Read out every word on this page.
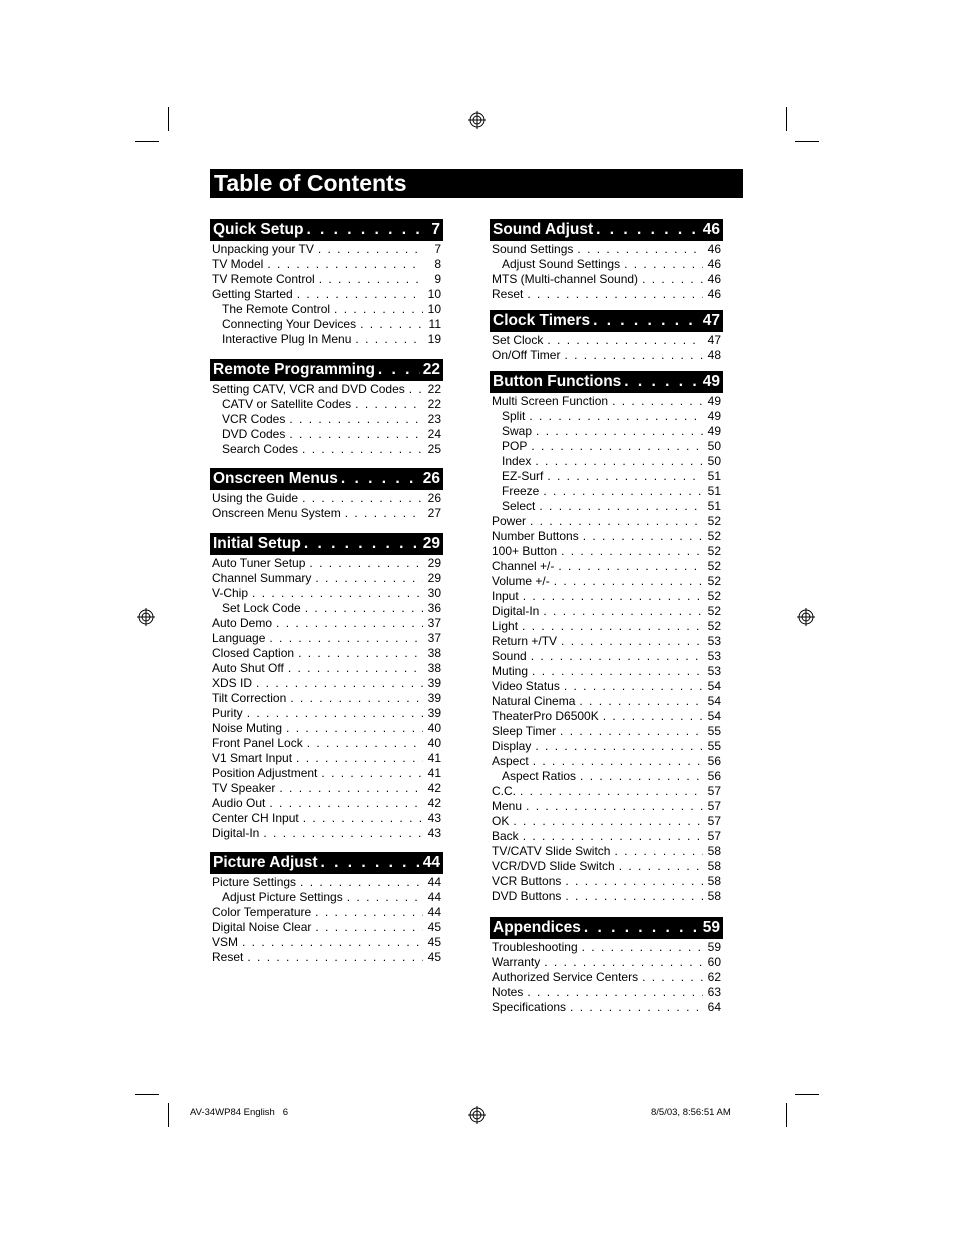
Table of Contents
Quick Setup . . .	7
Unpacking your TV . . .	7
TV Model . . .	8
TV Remote Control . . .	9
Getting Started . . .	10
The Remote Control . . .	10
Connecting Your Devices . . .	11
Interactive Plug In Menu . . .	19
Remote Programming . . .	22
Setting CATV, VCR and DVD Codes . . . 22
CATV or Satellite Codes . . .	22
VCR Codes . . .	23
DVD Codes . . .	24
Search Codes . . .	25
Onscreen Menus . . .	26
Using the Guide . . .	26
Onscreen Menu System . . .	27
Initial Setup . . .	29
Auto Tuner Setup . . .	29
Channel Summary . . .	29
V-Chip . . .	30
Set Lock Code . . .	36
Auto Demo . . .	37
Language . . .	37
Closed Caption . . .	38
Auto Shut Off . . .	38
XDS ID . . .	39
Tilt Correction . . .	39
Purity . . .	39
Noise Muting . . .	40
Front Panel Lock . . .	40
V1 Smart Input . . .	41
Position Adjustment . . .	41
TV Speaker . . .	42
Audio Out . . .	42
Center CH Input . . .	43
Digital-In . . .	43
Picture Adjust . . .	44
Picture Settings . . .	44
Adjust Picture Settings . . .	44
Color Temperature . . .	44
Digital Noise Clear . . .	45
VSM . . .	45
Reset . . .	45
Sound Adjust . . .	46
Sound Settings . . .	46
Adjust Sound Settings . . .	46
MTS (Multi-channel Sound) . . .	46
Reset . . .	46
Clock Timers . . .	47
Set Clock . . .	47
On/Off Timer . . .	48
Button Functions . . .	49
Multi Screen Function . . .	49
Split . . .	49
Swap . . .	49
POP . . .	50
Index . . .	50
EZ-Surf . . .	51
Freeze . . .	51
Select . . .	51
Power . . .	52
Number Buttons . . .	52
100+ Button . . .	52
Channel +/- . . .	52
Volume +/- . . .	52
Input . . .	52
Digital-In . . .	52
Light . . .	52
Return +/TV . . .	53
Sound . . .	53
Muting . . .	53
Video Status . . .	54
Natural Cinema . . .	54
TheaterPro D6500K . . .	54
Sleep Timer . . .	55
Display . . .	55
Aspect . . .	56
Aspect Ratios . . .	56
C.C. . . .	57
Menu . . .	57
OK . . .	57
Back . . .	57
TV/CATV Slide Switch . . .	58
VCR/DVD Slide Switch . . .	58
VCR Buttons . . .	58
DVD Buttons . . .	58
Appendices . . .	59
Troubleshooting . . .	59
Warranty . . .	60
Authorized Service Centers . . .	62
Notes . . .	63
Specifications . . .	64
AV-34WP84 English   6	8/5/03, 8:56:51 AM
